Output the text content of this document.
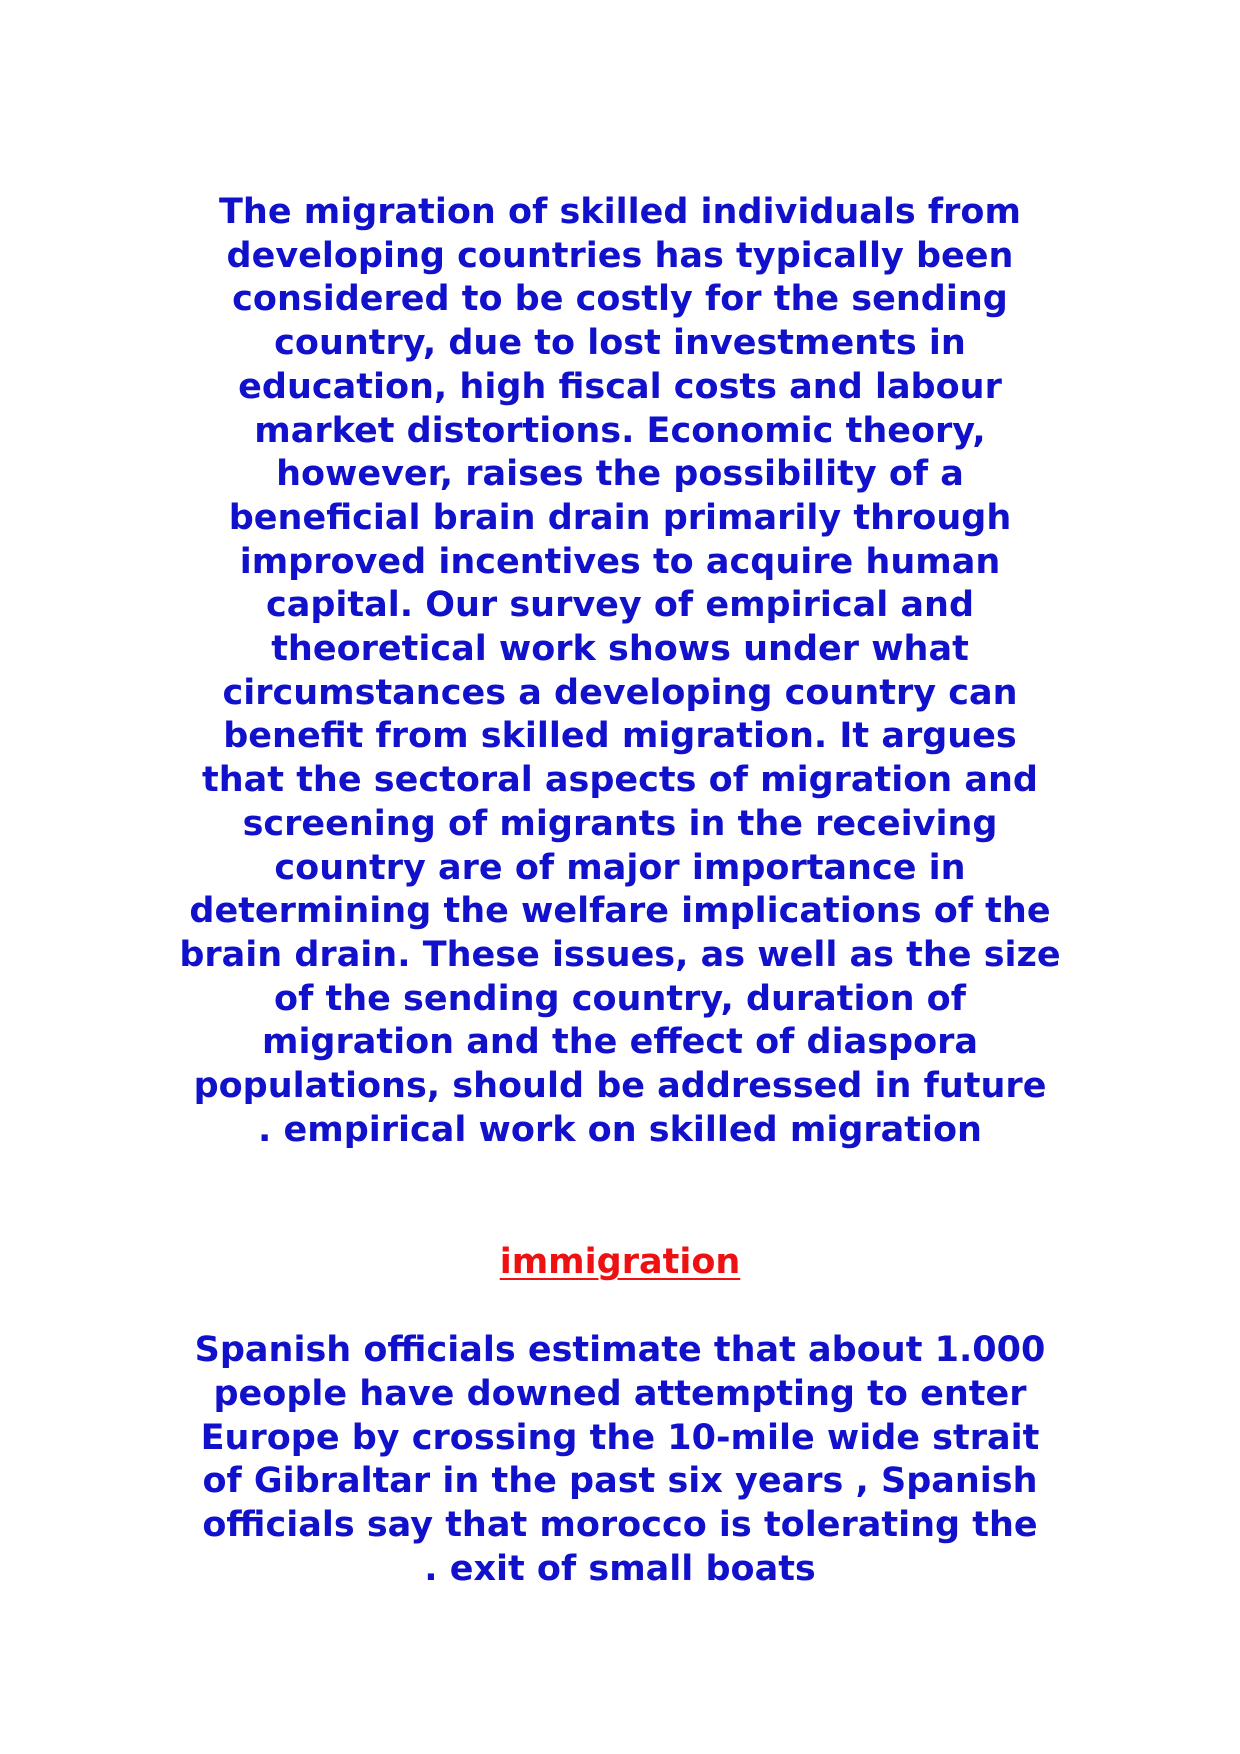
The migration of skilled individuals from
developing countries has typically been
considered to be costly for the sending
country, due to lost investments in
education, high fiscal costs and labour
market distortions. Economic theory,
however, raises the possibility of a
beneficial brain drain primarily through
improved incentives to acquire human
capital. Our survey of empirical and
theoretical work shows under what
circumstances a developing country can
benefit from skilled migration. It argues
that the sectoral aspects of migration and
screening of migrants in the receiving
country are of major importance in
determining the welfare implications of the
brain drain. These issues, as well as the size
of the sending country, duration of
migration and the effect of diaspora
populations, should be addressed in future
. empirical work on skilled migration

immigration

Spanish officials estimate that about 1.000
people have downed attempting to enter
Europe by crossing the 10-mile wide strait
of Gibraltar in the past six years , Spanish
officials say that morocco is tolerating the
. exit of small boats
